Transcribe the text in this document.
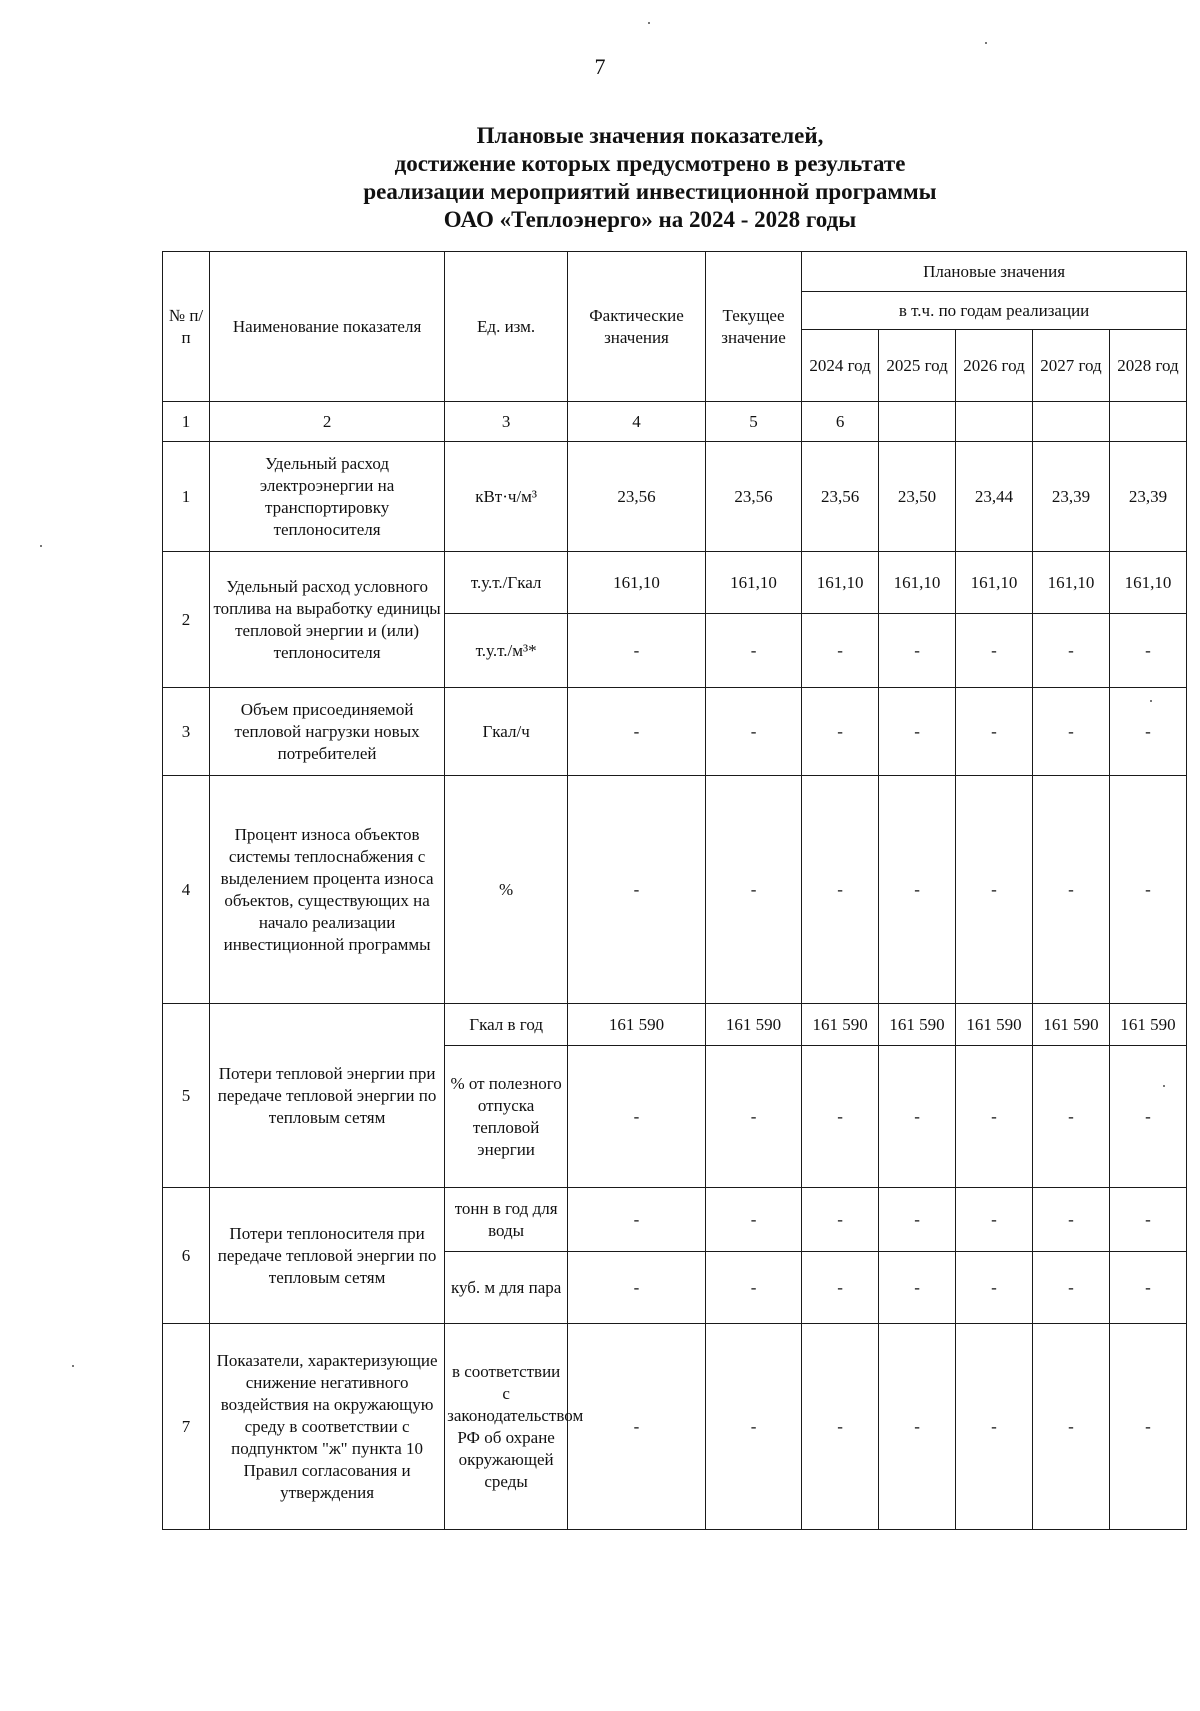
7
Плановые значения показателей,
достижение которых предусмотрено в результате
реализации мероприятий инвестиционной программы
ОАО «Теплоэнерго» на 2024 - 2028 годы
№ п/п	Наименование показателя	Ед. изм.	Фактические значения	Текущее значение	Плановые значения				
					в т.ч. по годам реализации				
					2024 год	2025 год	2026 год	2027 год	2028 год
1	2	3	4	5	6				
1	Удельный расход электроэнергии на транспортировку теплоносителя	кВт·ч/м³	23,56	23,56	23,56	23,50	23,44	23,39	23,39
2	Удельный расход условного топлива на выработку единицы тепловой энергии и (или) теплоносителя	т.у.т./Гкал	161,10	161,10	161,10	161,10	161,10	161,10	161,10
		т.у.т./м³*	-	-	-	-	-	-	-
3	Объем присоединяемой тепловой нагрузки новых потребителей	Гкал/ч	-	-	-	-	-	-	-
4	Процент износа объектов системы теплоснабжения с выделением процента износа объектов, существующих на начало реализации инвестиционной программы	%	-	-	-	-	-	-	-
5	Потери тепловой энергии при передаче тепловой энергии по тепловым сетям	Гкал в год	161 590	161 590	161 590	161 590	161 590	161 590	161 590
		% от полезного отпуска тепловой энергии	-	-	-	-	-	-	-
6	Потери теплоносителя при передаче тепловой энергии по тепловым сетям	тонн в год для воды	-	-	-	-	-	-	-
		куб. м для пара	-	-	-	-	-	-	-
7	Показатели, характеризующие снижение негативного воздействия на окружающую среду в соответствии с подпунктом "ж" пункта 10 Правил согласования и утверждения	в соответствии с законодательством РФ об охране окружающей среды	-	-	-	-	-	-	-
